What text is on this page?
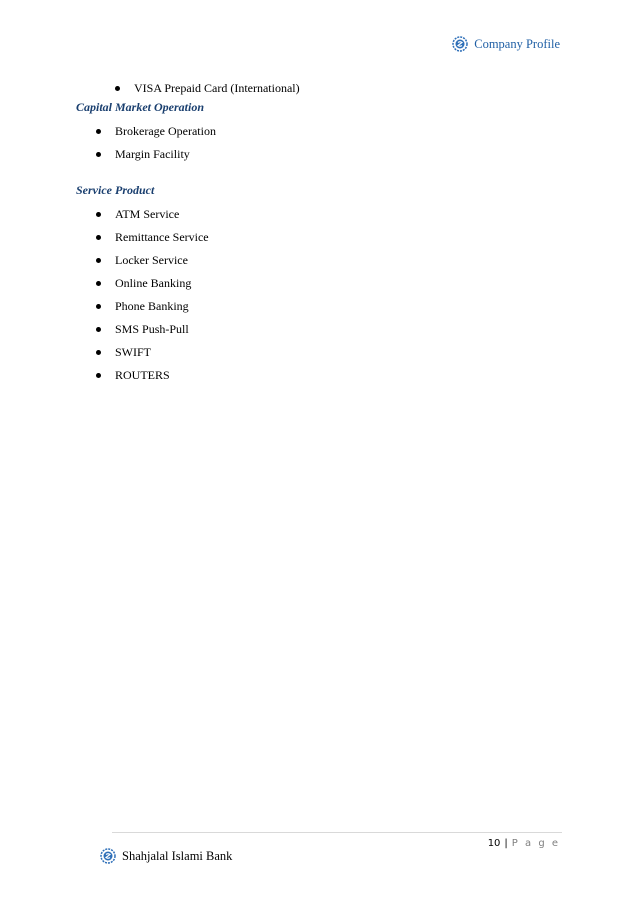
Company Profile
VISA Prepaid Card (International)
Capital Market Operation
Brokerage Operation
Margin Facility
Service Product
ATM Service
Remittance Service
Locker Service
Online Banking
Phone Banking
SMS Push-Pull
SWIFT
ROUTERS
10 | P a g e
Shahjalal Islami Bank
